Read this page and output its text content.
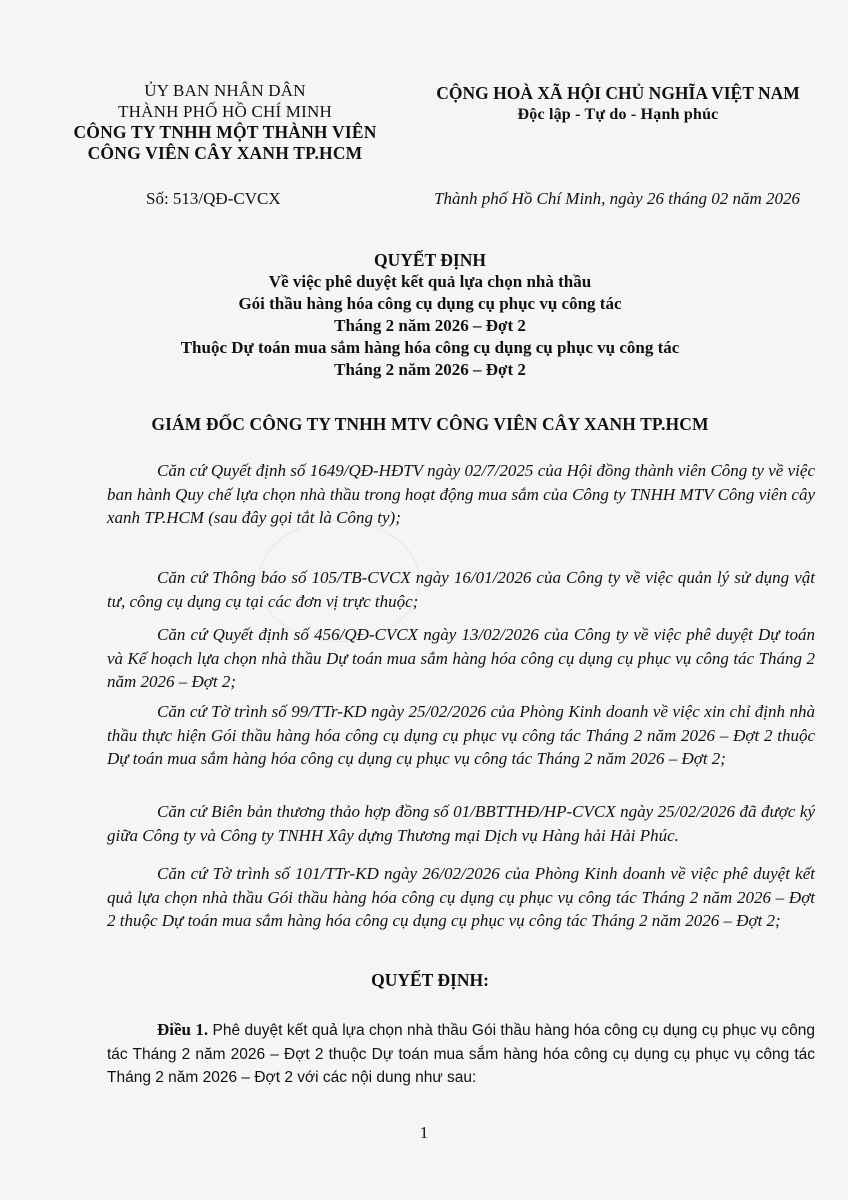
ỦY BAN NHÂN DÂN
THÀNH PHỐ HỒ CHÍ MINH
CÔNG TY TNHH MỘT THÀNH VIÊN
CÔNG VIÊN CÂY XANH TP.HCM
CỘNG HOÀ XÃ HỘI CHỦ NGHĨA VIỆT NAM
Độc lập - Tự do - Hạnh phúc
Số: 513/QĐ-CVCX	Thành phố Hồ Chí Minh, ngày 26 tháng 02 năm 2026
QUYẾT ĐỊNH
Về việc phê duyệt kết quả lựa chọn nhà thầu
Gói thầu hàng hóa công cụ dụng cụ phục vụ công tác
Tháng 2 năm 2026 – Đợt 2
Thuộc Dự toán mua sắm hàng hóa công cụ dụng cụ phục vụ công tác
Tháng 2 năm 2026 – Đợt 2
GIÁM ĐỐC CÔNG TY TNHH MTV CÔNG VIÊN CÂY XANH TP.HCM
Căn cứ Quyết định số 1649/QĐ-HĐTV ngày 02/7/2025 của Hội đồng thành viên Công ty về việc ban hành Quy chế lựa chọn nhà thầu trong hoạt động mua sắm của Công ty TNHH MTV Công viên cây xanh TP.HCM (sau đây gọi tắt là Công ty);
Căn cứ Thông báo số 105/TB-CVCX ngày 16/01/2026 của Công ty về việc quản lý sử dụng vật tư, công cụ dụng cụ tại các đơn vị trực thuộc;
Căn cứ Quyết định số 456/QĐ-CVCX ngày 13/02/2026 của Công ty về việc phê duyệt Dự toán và Kế hoạch lựa chọn nhà thầu Dự toán mua sắm hàng hóa công cụ dụng cụ phục vụ công tác Tháng 2 năm 2026 – Đợt 2;
Căn cứ Tờ trình số 99/TTr-KD ngày 25/02/2026 của Phòng Kinh doanh về việc xin chỉ định nhà thầu thực hiện Gói thầu hàng hóa công cụ dụng cụ phục vụ công tác Tháng 2 năm 2026 – Đợt 2 thuộc Dự toán mua sắm hàng hóa công cụ dụng cụ phục vụ công tác Tháng 2 năm 2026 – Đợt 2;
Căn cứ Biên bản thương thảo hợp đồng số 01/BBTTHĐ/HP-CVCX ngày 25/02/2026 đã được ký giữa Công ty và Công ty TNHH Xây dựng Thương mại Dịch vụ Hàng hải Hải Phúc.
Căn cứ Tờ trình số 101/TTr-KD ngày 26/02/2026 của Phòng Kinh doanh về việc phê duyệt kết quả lựa chọn nhà thầu Gói thầu hàng hóa công cụ dụng cụ phục vụ công tác Tháng 2 năm 2026 – Đợt 2 thuộc Dự toán mua sắm hàng hóa công cụ dụng cụ phục vụ công tác Tháng 2 năm 2026 – Đợt 2;
QUYẾT ĐỊNH:
Điều 1. Phê duyệt kết quả lựa chọn nhà thầu Gói thầu hàng hóa công cụ dụng cụ phục vụ công tác Tháng 2 năm 2026 – Đợt 2 thuộc Dự toán mua sắm hàng hóa công cụ dụng cụ phục vụ công tác Tháng 2 năm 2026 – Đợt 2 với các nội dung như sau:
1
